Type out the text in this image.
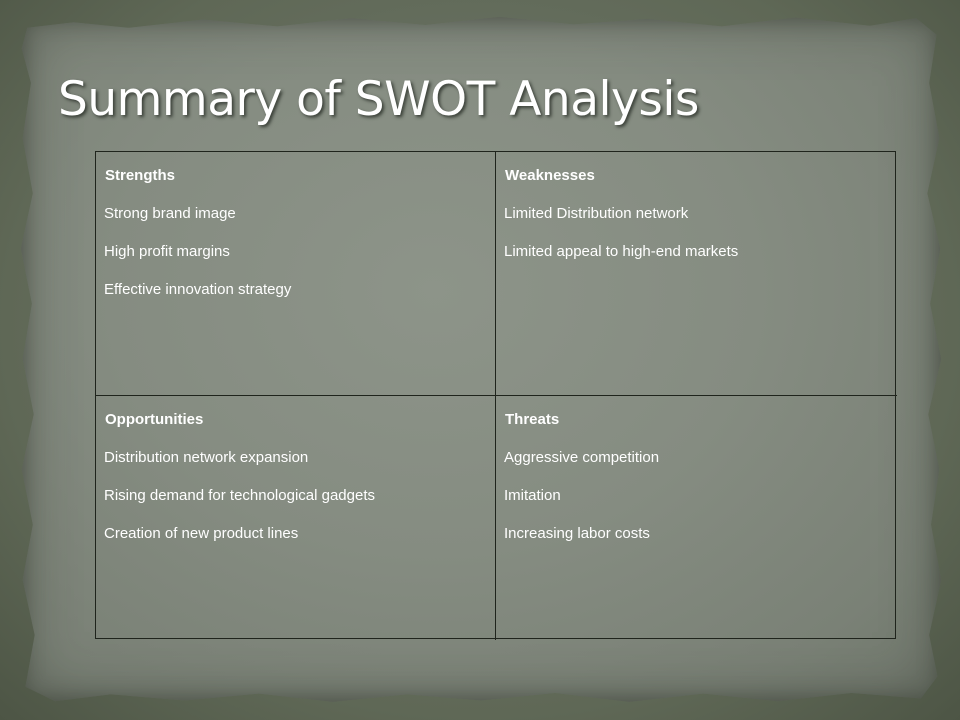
Summary of SWOT Analysis
Strengths
Strong brand image
High profit margins
Effective innovation strategy
Weaknesses
Limited Distribution network
Limited appeal to high-end markets
Opportunities
Distribution network expansion
Rising demand for technological gadgets
Creation of new product lines
Threats
Aggressive competition
Imitation
Increasing labor costs
